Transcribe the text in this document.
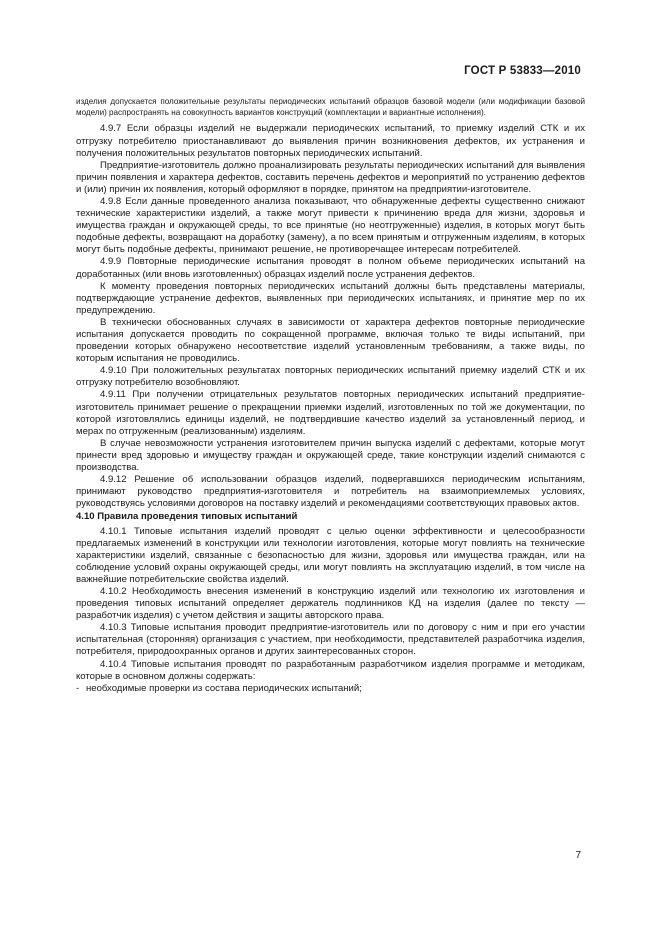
ГОСТ Р 53833—2010

изделия допускается положительные результаты периодических испытаний образцов базовой модели (или модификации базовой модели) распространять на совокупность вариантов конструкций (комплектации и вариантные исполнения).

4.9.7 Если образцы изделий не выдержали периодических испытаний, то приемку изделий СТК и их отгрузку потребителю приостанавливают до выявления причин возникновения дефектов, их устранения и получения положительных результатов повторных периодических испытаний.

Предприятие-изготовитель должно проанализировать результаты периодических испытаний для выявления причин появления и характера дефектов, составить перечень дефектов и мероприятий по устранению дефектов и (или) причин их появления, который оформляют в порядке, принятом на предприятии-изготовителе.

4.9.8 Если данные проведенного анализа показывают, что обнаруженные дефекты существенно снижают технические характеристики изделий, а также могут привести к причинению вреда для жизни, здоровья и имущества граждан и окружающей среды, то все принятые (но неотгруженные) изделия, в которых могут быть подобные дефекты, возвращают на доработку (замену), а по всем принятым и отгруженным изделиям, в которых могут быть подобные дефекты, принимают решение, не противоречащее интересам потребителей.

4.9.9 Повторные периодические испытания проводят в полном объеме периодических испытаний на доработанных (или вновь изготовленных) образцах изделий после устранения дефектов.

К моменту проведения повторных периодических испытаний должны быть представлены материалы, подтверждающие устранение дефектов, выявленных при периодических испытаниях, и принятие мер по их предупреждению.

В технически обоснованных случаях в зависимости от характера дефектов повторные периодические испытания допускается проводить по сокращенной программе, включая только те виды испытаний, при проведении которых обнаружено несоответствие изделий установленным требованиям, а также виды, по которым испытания не проводились.

4.9.10 При положительных результатах повторных периодических испытаний приемку изделий СТК и их отгрузку потребителю возобновляют.

4.9.11 При получении отрицательных результатов повторных периодических испытаний предприятие-изготовитель принимает решение о прекращении приемки изделий, изготовленных по той же документации, по которой изготовлялись единицы изделий, не подтвердившие качество изделий за установленный период, и мерах по отгруженным (реализованным) изделиям.

В случае невозможности устранения изготовителем причин выпуска изделий с дефектами, которые могут принести вред здоровью и имуществу граждан и окружающей среде, такие конструкции изделий снимаются с производства.

4.9.12 Решение об использовании образцов изделий, подвергавшихся периодическим испытаниям, принимают руководство предприятия-изготовителя и потребитель на взаимоприемлемых условиях, руководствуясь условиями договоров на поставку изделий и рекомендациями соответствующих правовых актов.

4.10 Правила проведения типовых испытаний

4.10.1 Типовые испытания изделий проводят с целью оценки эффективности и целесообразности предлагаемых изменений в конструкции или технологии изготовления, которые могут повлиять на технические характеристики изделий, связанные с безопасностью для жизни, здоровья или имущества граждан, или на соблюдение условий охраны окружающей среды, или могут повлиять на эксплуатацию изделий, в том числе на важнейшие потребительские свойства изделий.

4.10.2 Необходимость внесения изменений в конструкцию изделий или технологию их изготовления и проведения типовых испытаний определяет держатель подлинников КД на изделия (далее по тексту — разработчик изделия) с учетом действия и защиты авторского права.

4.10.3 Типовые испытания проводит предприятие-изготовитель или по договору с ним и при его участии испытательная (сторонняя) организация с участием, при необходимости, представителей разработчика изделия, потребителя, природоохранных органов и других заинтересованных сторон.

4.10.4 Типовые испытания проводят по разработанным разработчиком изделия программе и методикам, которые в основном должны содержать:

- необходимые проверки из состава периодических испытаний;

7
